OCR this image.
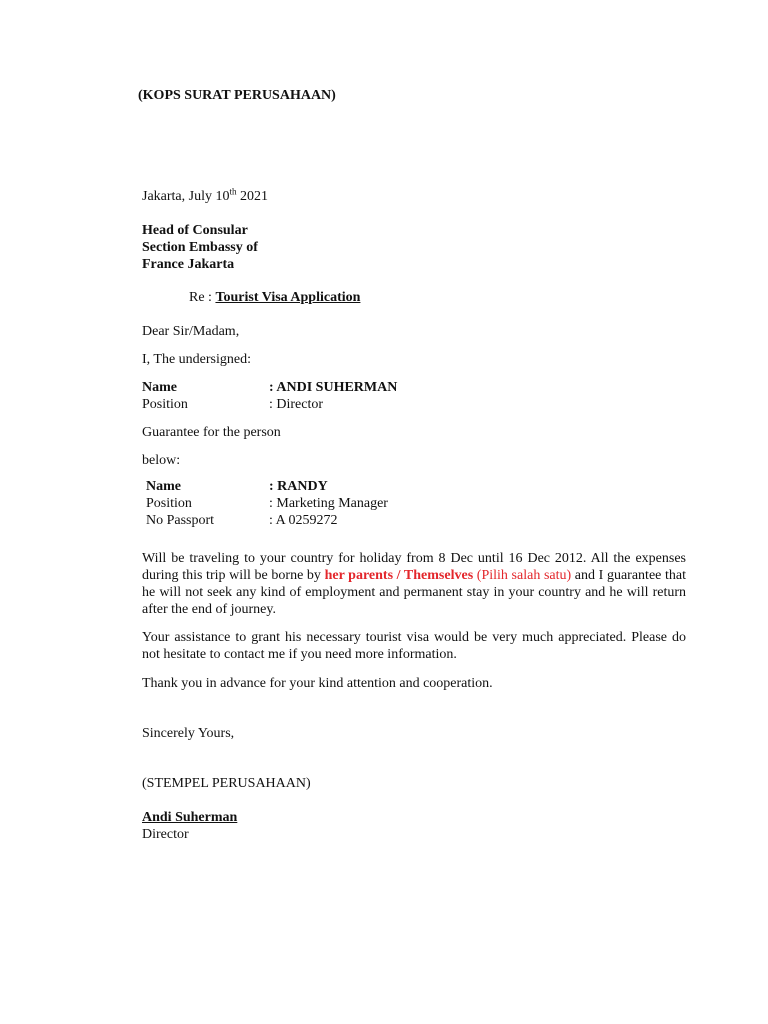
(KOPS SURAT PERUSAHAAN)
Jakarta, July 10th 2021
Head of Consular
Section Embassy of
France Jakarta
Re : Tourist Visa Application
Dear Sir/Madam,
I, The undersigned:
Name	: ANDI SUHERMAN
Position	: Director
Guarantee for the person
below:
Name	: RANDY
Position	: Marketing Manager
No Passport	: A 0259272
Will be traveling to your country for holiday from 8 Dec until 16 Dec 2012. All the expenses during this trip will be borne by her parents / Themselves (Pilih salah satu) and I guarantee that he will not seek any kind of employment and permanent stay in your country and he will return after the end of journey.
Your assistance to grant his necessary tourist visa would be very much appreciated. Please do not hesitate to contact me if you need more information.
Thank you in advance for your kind attention and cooperation.
Sincerely Yours,
(STEMPEL PERUSAHAAN)
Andi Suherman
Director
